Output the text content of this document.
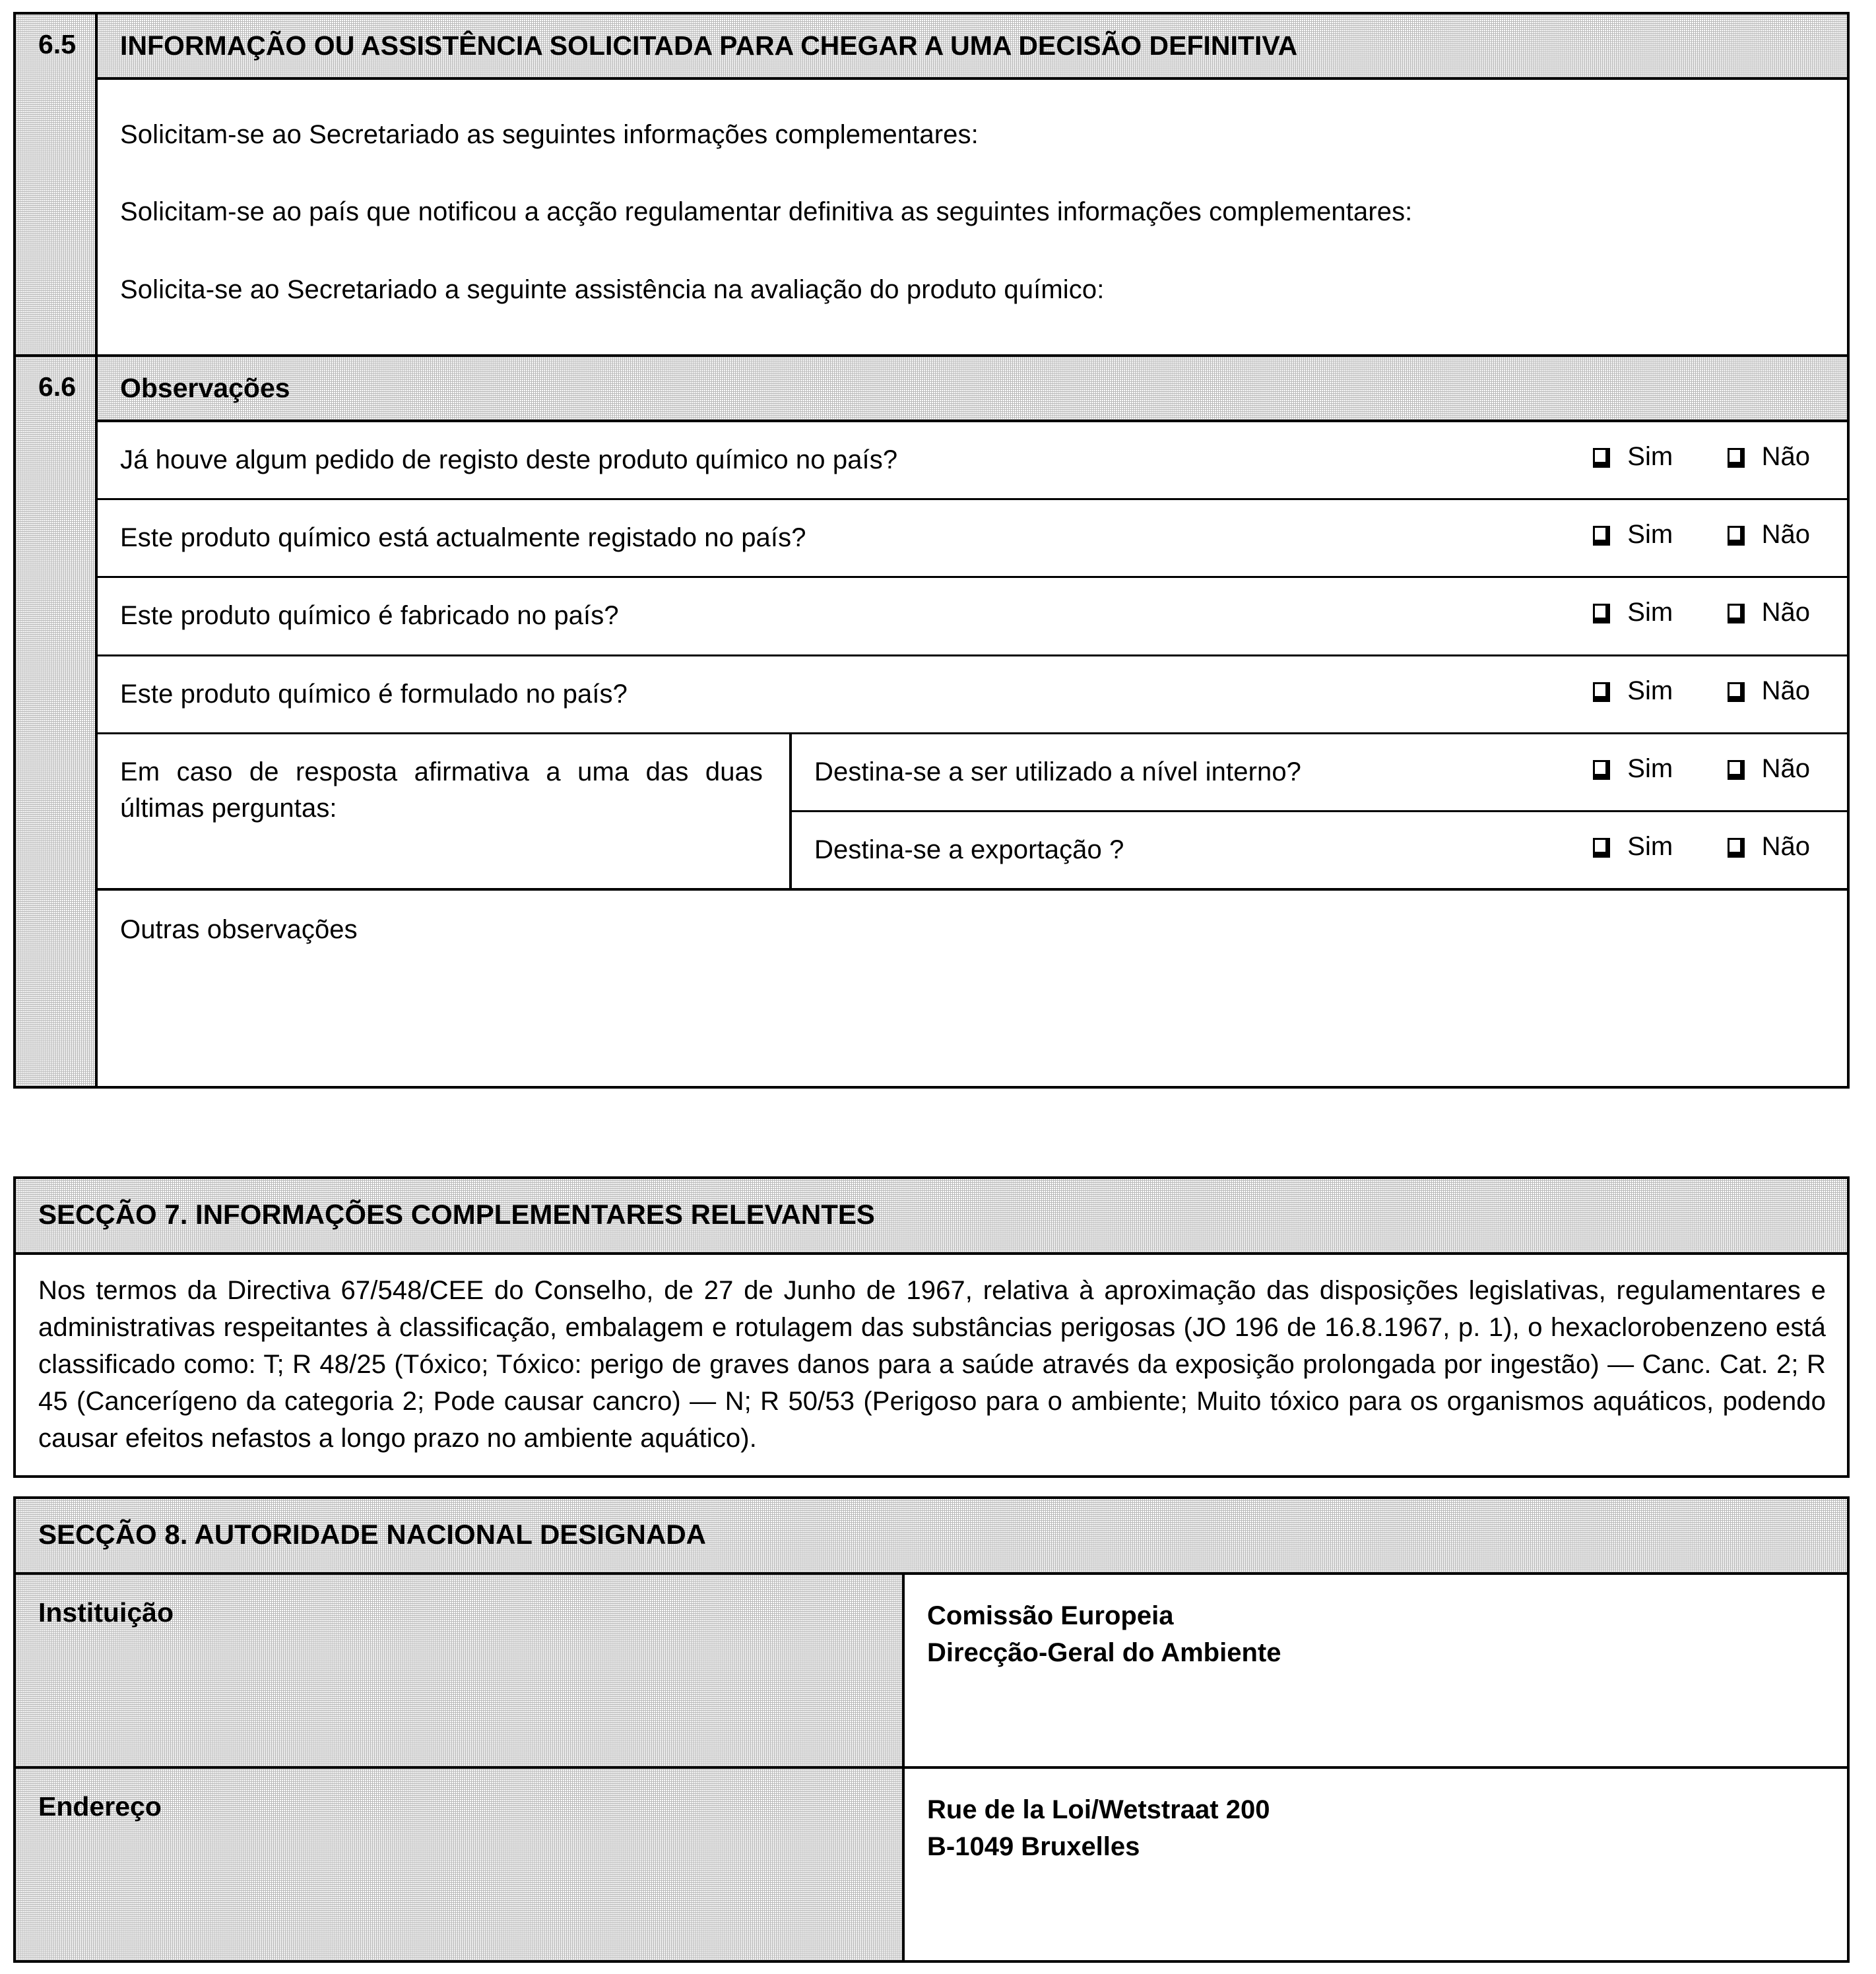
6.5	INFORMAÇÃO OU ASSISTÊNCIA SOLICITADA PARA CHEGAR A UMA DECISÃO DEFINITIVA

Solicitam-se ao Secretariado as seguintes informações complementares:
Solicitam-se ao país que notificou a acção regulamentar definitiva as seguintes informações complementares:
Solicita-se ao Secretariado a seguinte assistência na avaliação do produto químico:

6.6	Observações

Já houve algum pedido de registo deste produto químico no país?	Sim	Não
Este produto químico está actualmente registado no país?	Sim	Não
Este produto químico é fabricado no país?	Sim	Não
Este produto químico é formulado no país?	Sim	Não

Em caso de resposta afirmativa a uma das duas últimas perguntas:
	Destina-se a ser utilizado a nível interno?	Sim	Não
Destina-se a exportação ?	Sim	Não
Outras observações
SECÇÃO 7. INFORMAÇÕES COMPLEMENTARES RELEVANTES

Nos termos da Directiva 67/548/CEE do Conselho, de 27 de Junho de 1967, relativa à aproximação das disposições legislativas, regulamentares e administrativas respeitantes à classificação, embalagem e rotulagem das substâncias perigosas (JO 196 de 16.8.1967, p. 1), o hexaclorobenzeno está classificado como: T; R 48/25 (Tóxico; Tóxico: perigo de graves danos para a saúde através da exposição prolongada por ingestão) — Canc. Cat. 2; R 45 (Cancerígeno da categoria 2; Pode causar cancro) — N; R 50/53 (Perigoso para o ambiente; Muito tóxico para os organismos aquáticos, podendo causar efeitos nefastos a longo prazo no ambiente aquático).

SECÇÃO 8. AUTORIDADE NACIONAL DESIGNADA
Instituição	Comissão Europeia
Direcção-Geral do Ambiente

Endereço	Rue de la Loi/Wetstraat 200
B-1049 Bruxelles
